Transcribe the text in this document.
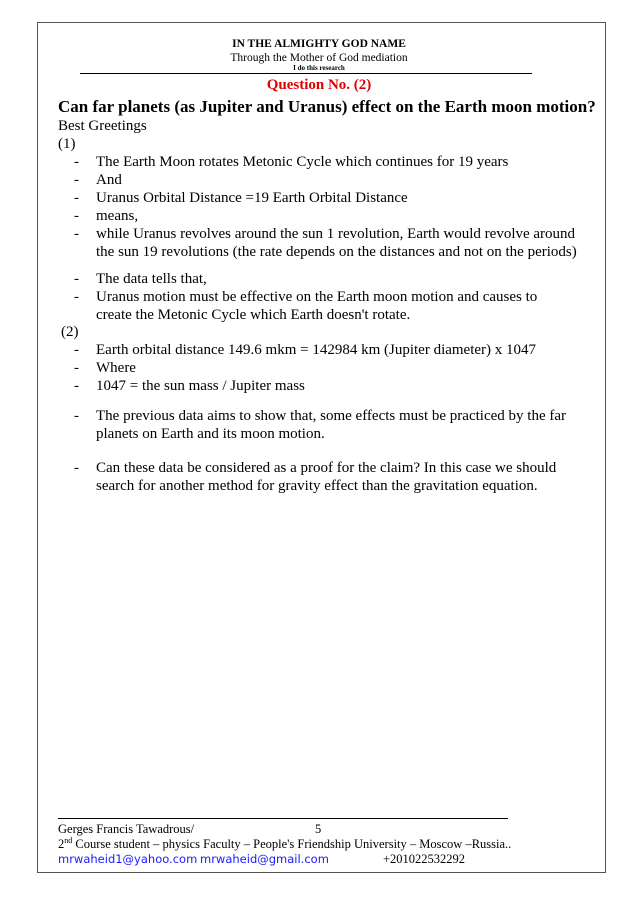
IN THE ALMIGHTY GOD NAME
Through the Mother of God mediation
I do this research
Question No. (2)
Can far planets (as Jupiter and Uranus) effect on the Earth moon motion?
Best Greetings
(1)
- The Earth Moon rotates Metonic Cycle which continues for 19 years
- And
- Uranus Orbital Distance =19 Earth Orbital Distance
- means,
- while Uranus revolves around the sun 1 revolution, Earth would revolve around
the sun 19 revolutions (the rate depends on the distances and not on the periods)
- The data tells that,
- Uranus motion must be effective on the Earth moon motion and causes to
create the Metonic Cycle which Earth doesn't rotate.
(2)
- Earth orbital distance 149.6 mkm = 142984 km (Jupiter diameter) x 1047
- Where
- 1047 = the sun mass / Jupiter mass
- The previous data aims to show that, some effects must be practiced by the far
planets on Earth and its moon motion.
- Can these data be considered as a proof for the claim? In this case we should
search for another method for gravity effect than the gravitation equation.
Gerges Francis Tawadrous/	5
2nd Course student – physics Faculty – People's Friendship University – Moscow –Russia..
mrwaheid1@yahoo.com mrwaheid@gmail.com	+201022532292
